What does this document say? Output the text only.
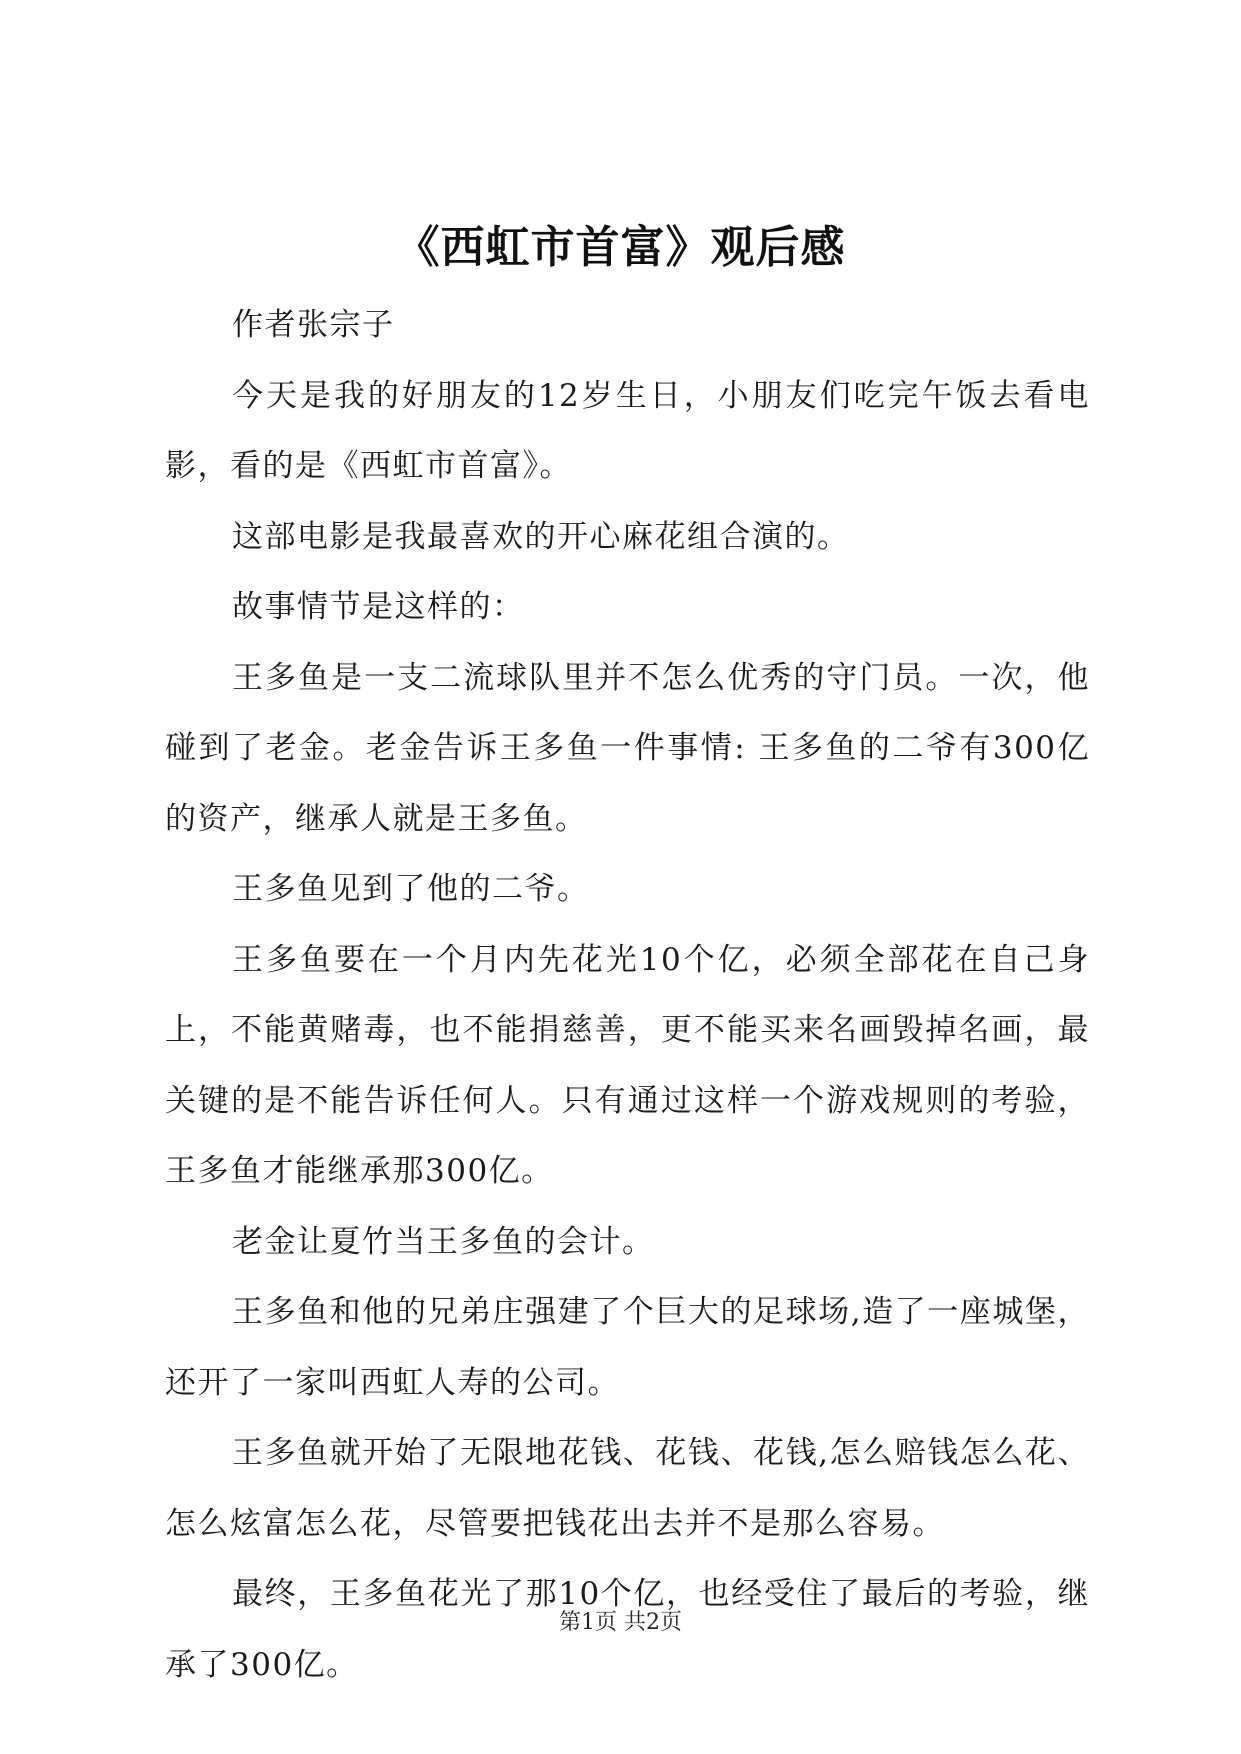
《西虹市首富》观后感

作者张宗子

今天是我的好朋友的12岁生日，小朋友们吃完午饭去看电影，看的是《西虹市首富》。

这部电影是我最喜欢的开心麻花组合演的。

故事情节是这样的：

王多鱼是一支二流球队里并不怎么优秀的守门员。一次，他碰到了老金。老金告诉王多鱼一件事情: 王多鱼的二爷有300亿的资产，继承人就是王多鱼。

王多鱼见到了他的二爷。

王多鱼要在一个月内先花光10个亿，必须全部花在自己身上，不能黄赌毒，也不能捐慈善，更不能买来名画毁掉名画，最关键的是不能告诉任何人。只有通过这样一个游戏规则的考验，王多鱼才能继承那300亿。

老金让夏竹当王多鱼的会计。

王多鱼和他的兄弟庄强建了个巨大的足球场,造了一座城堡，还开了一家叫西虹人寿的公司。

王多鱼就开始了无限地花钱、花钱、花钱,怎么赔钱怎么花、怎么炫富怎么花，尽管要把钱花出去并不是那么容易。

最终，王多鱼花光了那10个亿，也经受住了最后的考验，继承了300亿。

第1页 共2页
